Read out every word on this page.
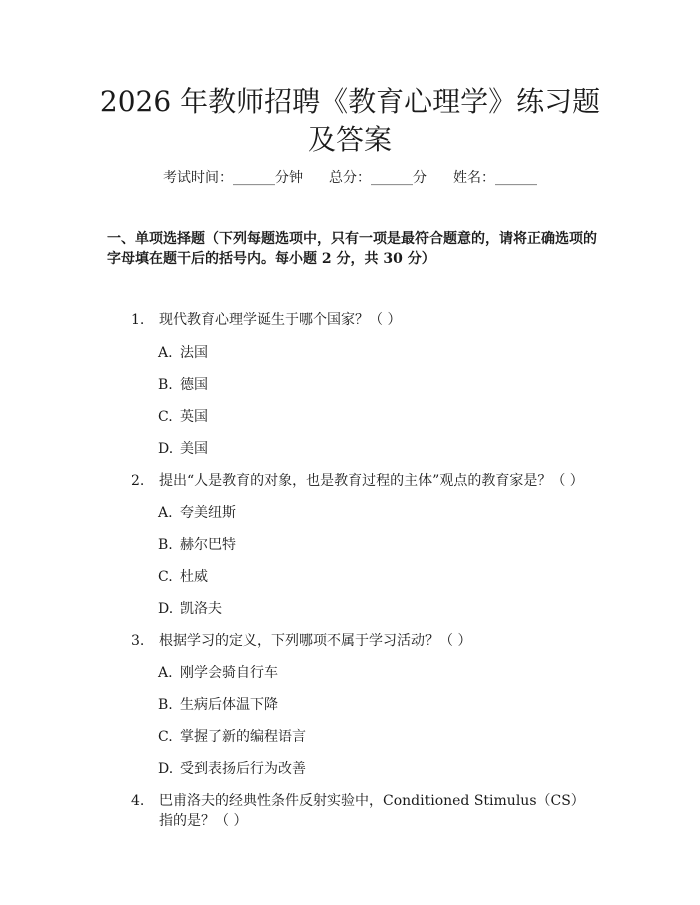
2026 年教师招聘《教育心理学》练习题及答案
考试时间：______分钟 总分：______分 姓名：______

一、单项选择题（下列每题选项中，只有一项是最符合题意的，请将正确选项的字母填在题干后的括号内。每小题 2 分，共 30 分）

1. 现代教育心理学诞生于哪个国家？（ ）
A. 法国
B. 德国
C. 英国
D. 美国
2. 提出“人是教育的对象，也是教育过程的主体”观点的教育家是？（ ）
A. 夸美纽斯
B. 赫尔巴特
C. 杜威
D. 凯洛夫
3. 根据学习的定义，下列哪项不属于学习活动？（ ）
A. 刚学会骑自行车
B. 生病后体温下降
C. 掌握了新的编程语言
D. 受到表扬后行为改善
4. 巴甫洛夫的经典性条件反射实验中，Conditioned Stimulus（CS）指的是？（ ）
